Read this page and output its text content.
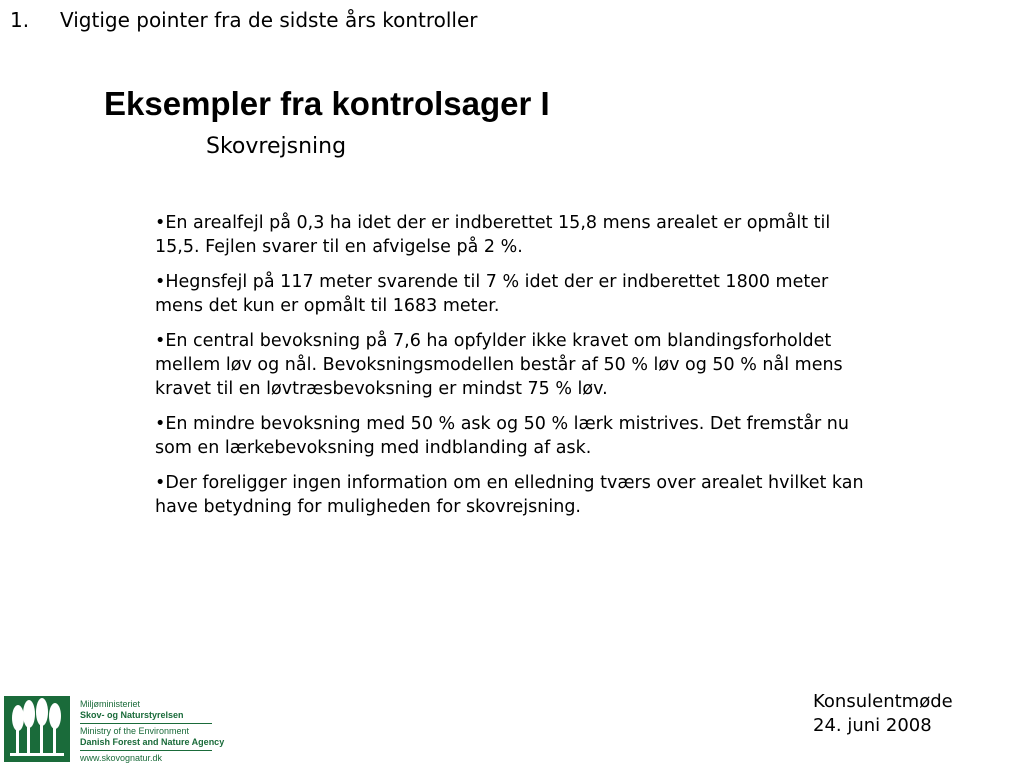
1. Vigtige pointer fra de sidste års kontroller
Eksempler fra kontrolsager I
Skovrejsning
•En arealfejl på 0,3 ha idet der er indberettet 15,8 mens arealet er opmålt til 15,5. Fejlen svarer til en afvigelse på 2 %.
•Hegnsfejl på 117 meter svarende til 7 % idet der er indberettet 1800 meter mens det kun er opmålt til 1683 meter.
•En central bevoksning på 7,6 ha opfylder ikke kravet om blandingsforholdet mellem løv og nål. Bevoksningsmodellen består af 50 % løv og 50 % nål mens kravet til en løvtræsbevoksning er mindst 75 % løv.
•En mindre bevoksning med 50 % ask og 50 % lærk mistrives. Det fremstår nu som en lærkebevoksning med indblanding af ask.
•Der foreligger ingen information om en elledning tværs over arealet hvilket kan have betydning for muligheden for skovrejsning.
Miljøministeriet
Skov- og Naturstyrelsen
Ministry of the Environment
Danish Forest and Nature Agency
www.skovognatur.dk
Konsulentmøde
24. juni 2008
